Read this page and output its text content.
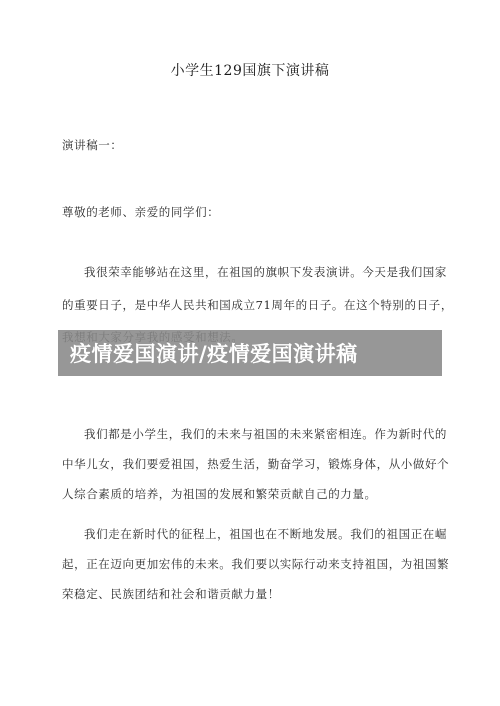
小学生129国旗下演讲稿
演讲稿一：
尊敬的老师、亲爱的同学们：
我很荣幸能够站在这里，在祖国的旗帜下发表演讲。今天是我们国家
的重要日子，是中华人民共和国成立71周年的日子。在这个特别的日子，
我们都是小学生，我们的未来与祖国的未来紧密相连。作为新时代的
中华儿女，我们要爱祖国，热爱生活，勤奋学习，锻炼身体，从小做好个
人综合素质的培养，为祖国的发展和繁荣贡献自己的力量。
我们走在新时代的征程上，祖国也在不断地发展。我们的祖国正在崛
起，正在迈向更加宏伟的未来。我们要以实际行动来支持祖国，为祖国繁
荣稳定、民族团结和社会和谐贡献力量！
疫情爱国演讲/疫情爱国演讲稿
